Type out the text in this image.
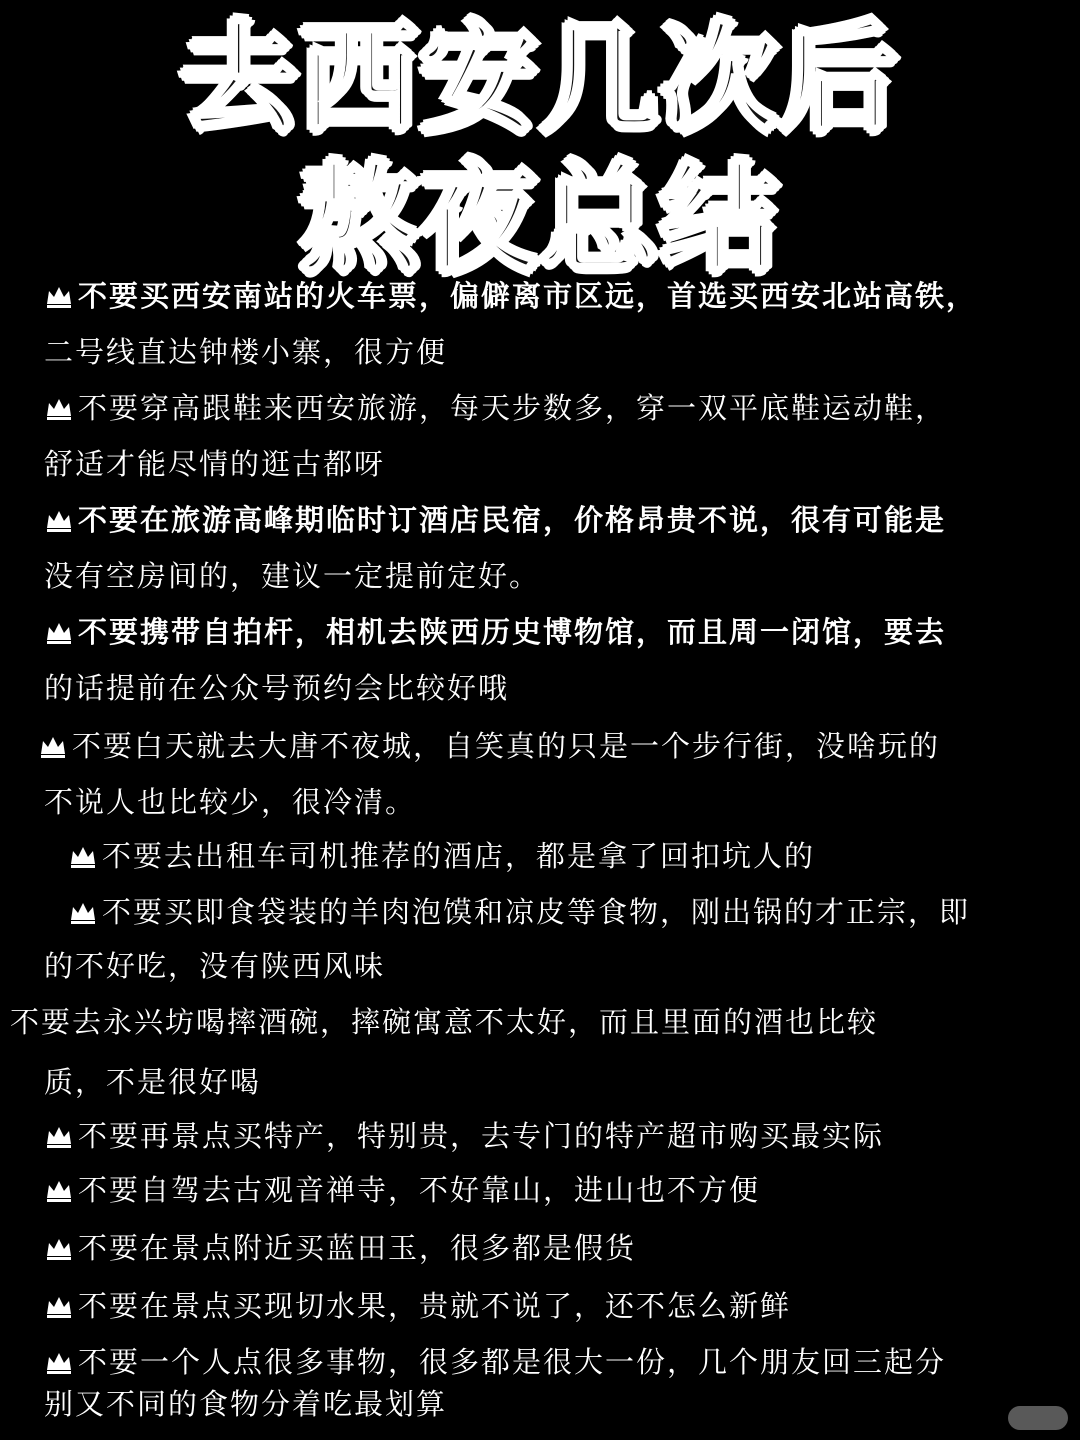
去西安几次后
熬夜总结
不要买西安南站的火车票，偏僻离市区远，首选买西安北站高铁，
二号线直达钟楼小寨，很方便
不要穿高跟鞋来西安旅游，每天步数多，穿一双平底鞋运动鞋，
舒适才能尽情的逛古都呀
不要在旅游高峰期临时订酒店民宿，价格昂贵不说，很有可能是
没有空房间的，建议一定提前定好。
不要携带自拍杆，相机去陕西历史博物馆，而且周一闭馆，要去
的话提前在公众号预约会比较好哦
不要白天就去大唐不夜城，自笑真的只是一个步行街，没啥玩的
不说人也比较少，很冷清。
不要去出租车司机推荐的酒店，都是拿了回扣坑人的
不要买即食袋装的羊肉泡馍和凉皮等食物，刚出锅的才正宗，即
的不好吃，没有陕西风味
不要去永兴坊喝摔酒碗，摔碗寓意不太好，而且里面的酒也比较
质，不是很好喝
不要再景点买特产，特别贵，去专门的特产超市购买最实际
不要自驾去古观音禅寺，不好靠山，进山也不方便
不要在景点附近买蓝田玉，很多都是假货
不要在景点买现切水果，贵就不说了，还不怎么新鲜
不要一个人点很多事物，很多都是很大一份，几个朋友回三起分
别又不同的食物分着吃最划算
